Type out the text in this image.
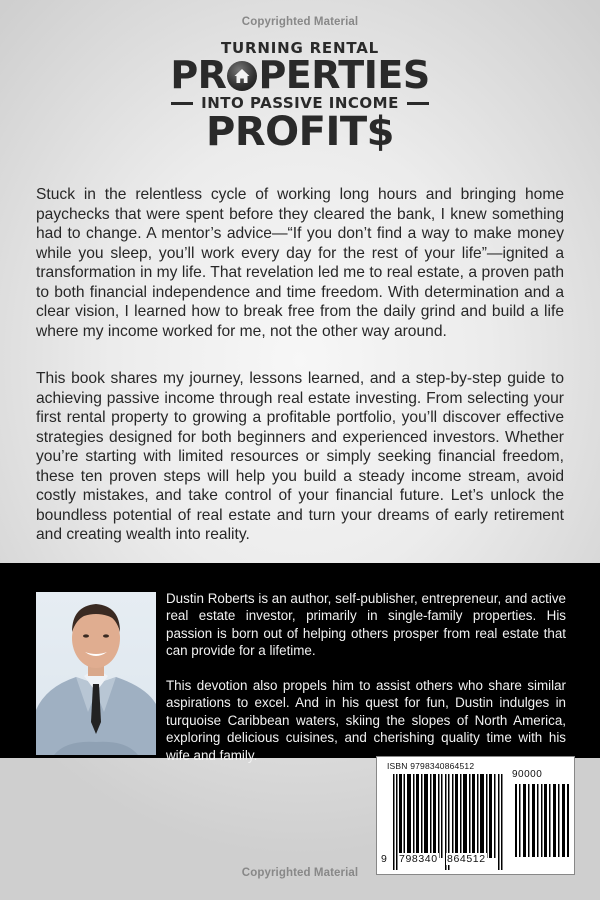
Copyrighted Material
TURNING RENTAL
PR PERTIES
INTO PASSIVE INCOME
PROFIT$

Stuck in the relentless cycle of working long hours and bringing home paychecks that were spent before they cleared the bank, I knew something had to change. A mentor’s advice—“If you don’t find a way to make money while you sleep, you’ll work every day for the rest of your life”—ignited a transformation in my life. That revelation led me to real estate, a proven path to both financial independence and time freedom. With determination and a clear vision, I learned how to break free from the daily grind and build a life where my income worked for me, not the other way around.

This book shares my journey, lessons learned, and a step-by-step guide to achieving passive income through real estate investing. From selecting your first rental property to growing a profitable portfolio, you’ll discover effective strategies designed for both beginners and experienced investors. Whether you’re starting with limited resources or simply seeking financial freedom, these ten proven steps will help you build a steady income stream, avoid costly mistakes, and take control of your financial future. Let’s unlock the boundless potential of real estate and turn your dreams of early retirement and creating wealth into reality.

Dustin Roberts is an author, self-publisher, entrepreneur, and active real estate investor, primarily in single-family properties. His passion is born out of helping others prosper from real estate that can provide for a lifetime.

This devotion also propels him to assist others who share similar aspirations to excel. And in his quest for fun, Dustin indulges in turquoise Caribbean waters, skiing the slopes of North America, exploring delicious cuisines, and cherishing quality time with his wife and family.

ISBN 9798340864512
90000
9 798340 864512
Copyrighted Material
